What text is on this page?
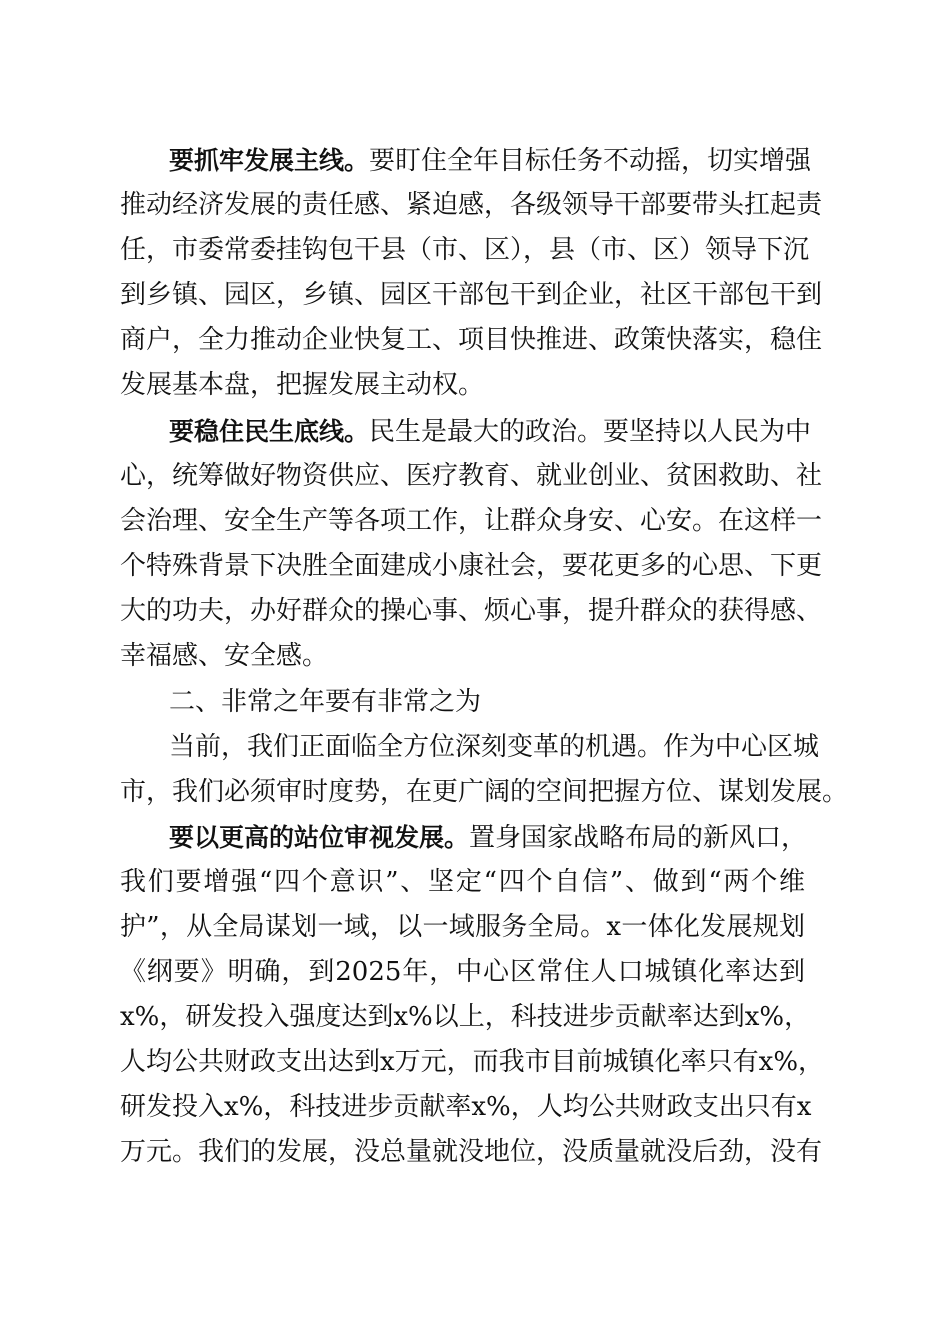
要抓牢发展主线。要盯住全年目标任务不动摇，切实增强
推动经济发展的责任感、紧迫感，各级领导干部要带头扛起责
任，市委常委挂钩包干县（市、区），县（市、区）领导下沉
到乡镇、园区，乡镇、园区干部包干到企业，社区干部包干到
商户，全力推动企业快复工、项目快推进、政策快落实，稳住
发展基本盘，把握发展主动权。
要稳住民生底线。民生是最大的政治。要坚持以人民为中
心，统筹做好物资供应、医疗教育、就业创业、贫困救助、社
会治理、安全生产等各项工作，让群众身安、心安。在这样一
个特殊背景下决胜全面建成小康社会，要花更多的心思、下更
大的功夫，办好群众的操心事、烦心事，提升群众的获得感、
幸福感、安全感。
二、非常之年要有非常之为
当前，我们正面临全方位深刻变革的机遇。作为中心区城
市，我们必须审时度势，在更广阔的空间把握方位、谋划发展。
要以更高的站位审视发展。置身国家战略布局的新风口，
我们要增强“四个意识”、坚定“四个自信”、做到“两个维
护”，从全局谋划一域，以一域服务全局。x一体化发展规划
《纲要》明确，到2025年，中心区常住人口城镇化率达到
x%，研发投入强度达到x%以上，科技进步贡献率达到x%，
人均公共财政支出达到x万元，而我市目前城镇化率只有x%，
研发投入x%，科技进步贡献率x%，人均公共财政支出只有x
万元。我们的发展，没总量就没地位，没质量就没后劲，没有
